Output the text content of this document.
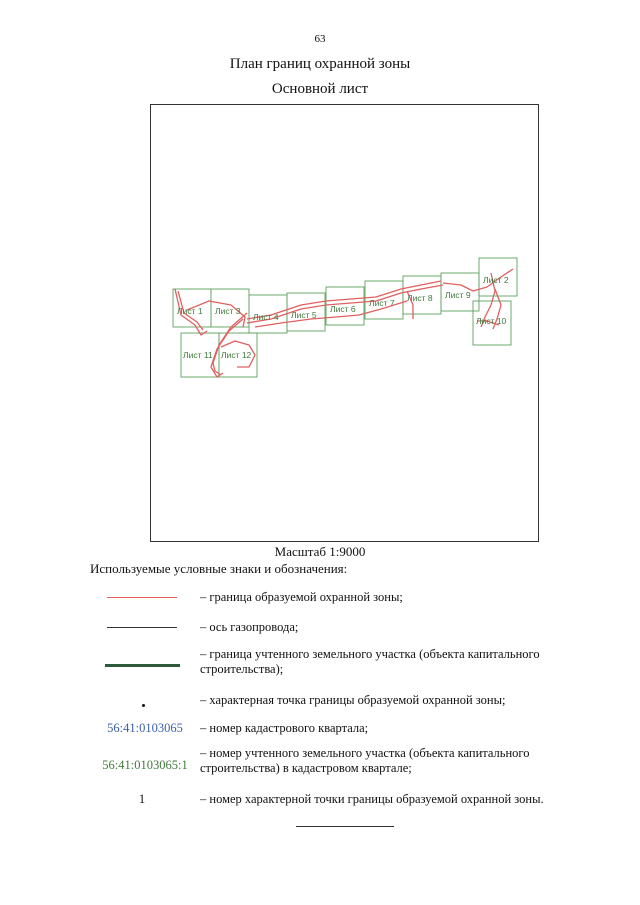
63
План границ охранной зоны
Основной лист
Лист 1 Лист 3
Лист 4 Лист 5
Лист 6
Лист 7 Лист 8 Лист 9
Лист 2
Лист 10
Лист 11 Лист 12
Масштаб 1:9000
Используемые условные знаки и обозначения:
– граница образуемой охранной зоны;
– ось газопровода;
– граница учтенного земельного участка (объекта капитального строительства);
– характерная точка границы образуемой охранной зоны;
56:41:0103065	– номер кадастрового квартала;
56:41:0103065:1
– номер учтенного земельного участка (объекта капитального строительства) в кадастровом квартале;
1	– номер характерной точки границы образуемой охранной зоны.
